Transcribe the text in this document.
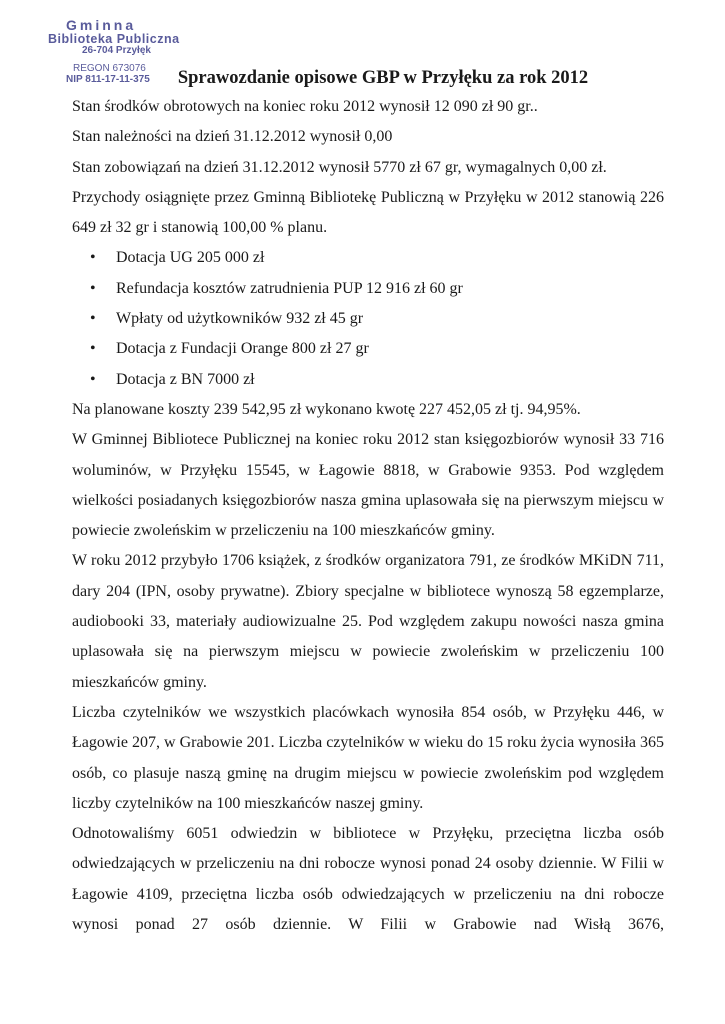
Gminna
Biblioteka Publiczna
26-704 Przyłęk
REGON 673076
NIP 811-17-11-375	Sprawozdanie opisowe GBP w Przyłęku za rok 2012

Stan środków obrotowych na koniec roku 2012 wynosił 12 090 zł 90 gr..

Stan należności na dzień 31.12.2012 wynosił 0,00

Stan zobowiązań na dzień 31.12.2012 wynosił 5770 zł 67 gr, wymagalnych 0,00 zł.

Przychody osiągnięte przez Gminną Bibliotekę Publiczną w Przyłęku w 2012 stanowią 226 649 zł 32 gr i stanowią 100,00 % planu.

• Dotacja UG 205 000 zł
• Refundacja kosztów zatrudnienia PUP 12 916 zł 60 gr
• Wpłaty od użytkowników 932 zł 45 gr
• Dotacja z Fundacji Orange 800 zł 27 gr
• Dotacja z BN 7000 zł

Na planowane koszty 239 542,95 zł wykonano kwotę 227 452,05 zł tj. 94,95%.

W Gminnej Bibliotece Publicznej na koniec roku 2012 stan księgozbiorów wynosił 33 716 woluminów, w Przyłęku 15545, w Łagowie 8818, w Grabowie 9353. Pod względem wielkości posiadanych księgozbiorów nasza gmina uplasowała się na pierwszym miejscu w powiecie zwoleńskim w przeliczeniu na 100 mieszkańców gminy.

W roku 2012 przybyło 1706 książek, z środków organizatora 791, ze środków MKiDN 711, dary 204 (IPN, osoby prywatne). Zbiory specjalne w bibliotece wynoszą 58 egzemplarze, audiobooki 33, materiały audiowizualne 25. Pod względem zakupu nowości nasza gmina uplasowała się na pierwszym miejscu w powiecie zwoleńskim w przeliczeniu 100 mieszkańców gminy.

Liczba czytelników we wszystkich placówkach wynosiła 854 osób, w Przyłęku 446, w Łagowie 207, w Grabowie 201. Liczba czytelników w wieku do 15 roku życia wynosiła 365 osób, co plasuje naszą gminę na drugim miejscu w powiecie zwoleńskim pod względem liczby czytelników na 100 mieszkańców naszej gminy.

Odnotowaliśmy 6051 odwiedzin w bibliotece w Przyłęku, przeciętna liczba osób odwiedzających w przeliczeniu na dni robocze wynosi ponad 24 osoby dziennie. W Filii w Łagowie 4109, przeciętna liczba osób odwiedzających w przeliczeniu na dni robocze wynosi ponad 27 osób dziennie. W Filii w Grabowie nad Wisłą 3676,
